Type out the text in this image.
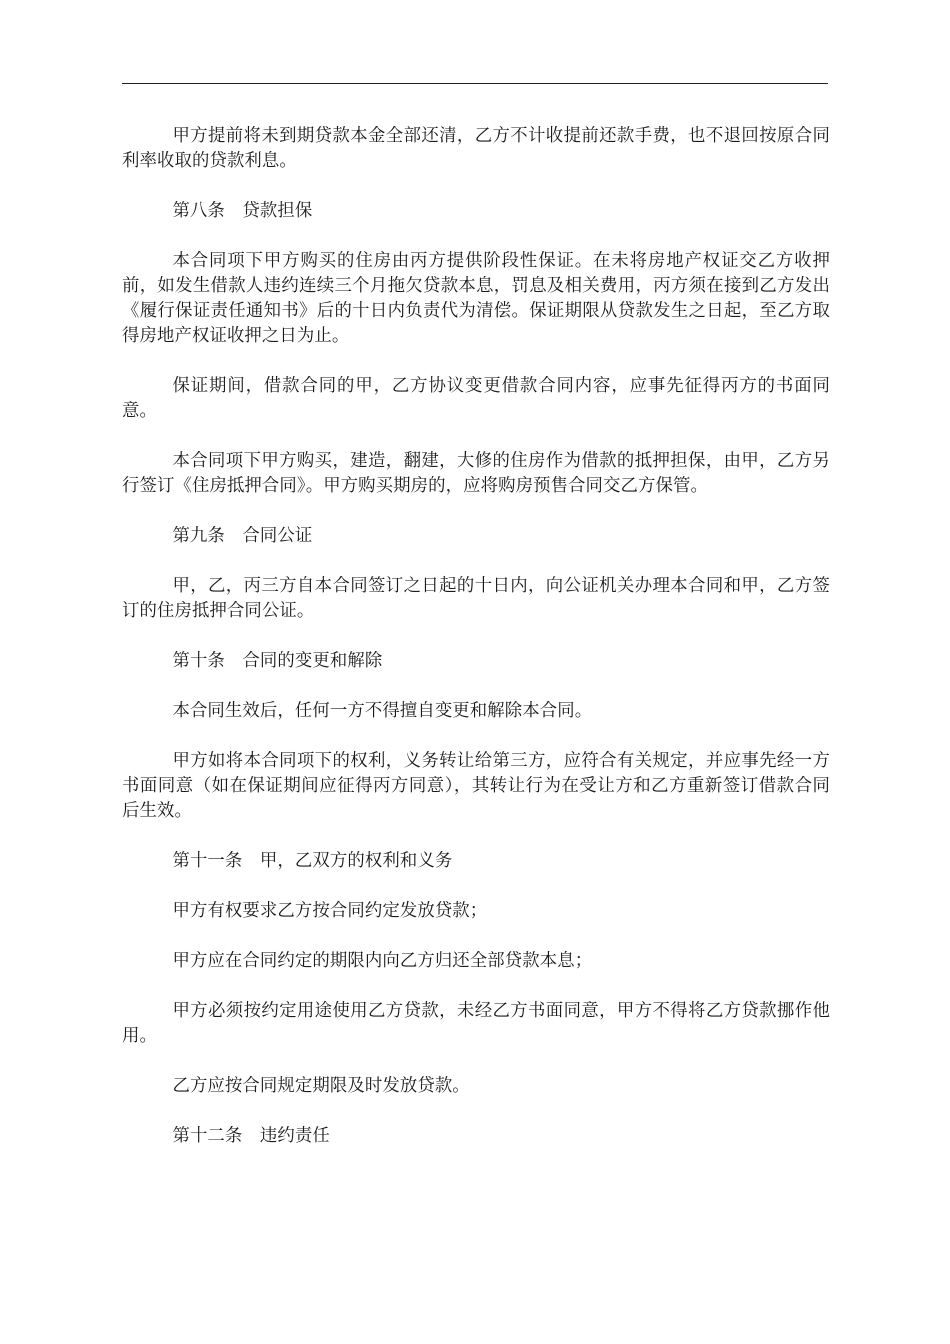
甲方提前将未到期贷款本金全部还清，乙方不计收提前还款手费，也不退回按原合同利率收取的贷款利息。

第八条　贷款担保

本合同项下甲方购买的住房由丙方提供阶段性保证。在未将房地产权证交乙方收押前，如发生借款人违约连续三个月拖欠贷款本息，罚息及相关费用，丙方须在接到乙方发出《履行保证责任通知书》后的十日内负责代为清偿。保证期限从贷款发生之日起，至乙方取得房地产权证收押之日为止。

保证期间，借款合同的甲，乙方协议变更借款合同内容，应事先征得丙方的书面同意。

本合同项下甲方购买，建造，翻建，大修的住房作为借款的抵押担保，由甲，乙方另行签订《住房抵押合同》。甲方购买期房的，应将购房预售合同交乙方保管。

第九条　合同公证

甲，乙，丙三方自本合同签订之日起的十日内，向公证机关办理本合同和甲，乙方签订的住房抵押合同公证。

第十条　合同的变更和解除

本合同生效后，任何一方不得擅自变更和解除本合同。

甲方如将本合同项下的权利，义务转让给第三方，应符合有关规定，并应事先经一方书面同意（如在保证期间应征得丙方同意），其转让行为在受让方和乙方重新签订借款合同后生效。

第十一条　甲，乙双方的权利和义务

甲方有权要求乙方按合同约定发放贷款；

甲方应在合同约定的期限内向乙方归还全部贷款本息；

甲方必须按约定用途使用乙方贷款，未经乙方书面同意，甲方不得将乙方贷款挪作他用。

乙方应按合同规定期限及时发放贷款。

第十二条　违约责任
